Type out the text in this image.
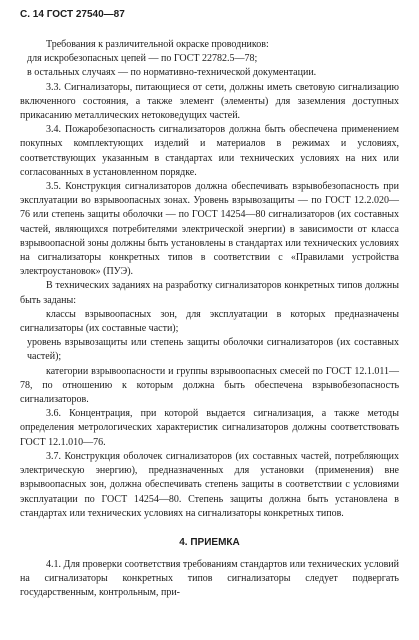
С. 14 ГОСТ 27540—87

Требования к различительной окраске проводников:

для искробезопасных цепей — по ГОСТ 22782.5—78;

в остальных случаях — по нормативно-технической документации.

3.3. Сигнализаторы, питающиеся от сети, должны иметь световую сигнализацию включенного состояния, а также элемент (элементы) для заземления доступных прикасанию металлических нетоковедущих частей.

3.4. Пожаробезопасность сигнализаторов должна быть обеспечена применением покупных комплектующих изделий и материалов в режимах и условиях, соответствующих указанным в стандартах или технических условиях на них или согласованных в установленном порядке.

3.5. Конструкция сигнализаторов должна обеспечивать взрывобезопасность при эксплуатации во взрывоопасных зонах. Уровень взрывозащиты — по ГОСТ 12.2.020—76 или степень защиты оболочки — по ГОСТ 14254—80 сигнализаторов (их составных частей, являющихся потребителями электрической энергии) в зависимости от класса взрывоопасной зоны должны быть установлены в стандартах или технических условиях на сигнализаторы конкретных типов в соответствии с «Правилами устройства электроустановок» (ПУЭ).

В технических заданиях на разработку сигнализаторов конкретных типов должны быть заданы:

классы взрывоопасных зон, для эксплуатации в которых предназначены сигнализаторы (их составные части);

уровень взрывозащиты или степень защиты оболочки сигнализаторов (их составных частей);

категории взрывоопасности и группы взрывоопасных смесей по ГОСТ 12.1.011—78, по отношению к которым должна быть обеспечена взрывобезопасность сигнализаторов.

3.6. Концентрация, при которой выдается сигнализация, а также методы определения метрологических характеристик сигнализаторов должны соответствовать ГОСТ 12.1.010—76.

3.7. Конструкция оболочек сигнализаторов (их составных частей, потребляющих электрическую энергию), предназначенных для установки (применения) вне взрывоопасных зон, должна обеспечивать степень защиты в соответствии с условиями эксплуатации по ГОСТ 14254—80. Степень защиты должна быть установлена в стандартах или технических условиях на сигнализаторы конкретных типов.

4. ПРИЕМКА

4.1. Для проверки соответствия требованиям стандартов или технических условий на сигнализаторы конкретных типов сигнализаторы следует подвергать государственным, контрольным, при-
